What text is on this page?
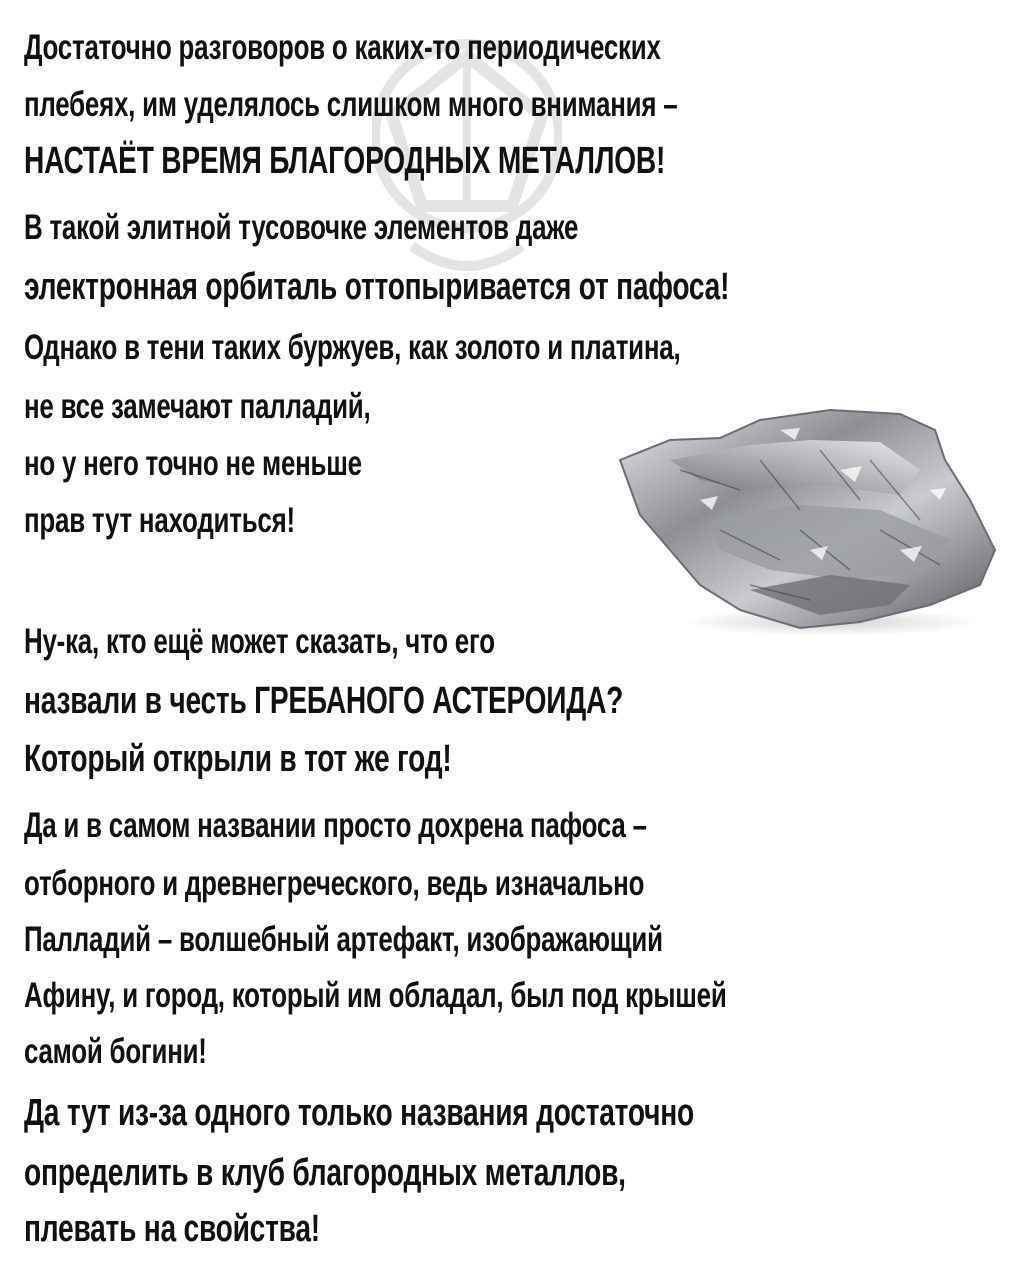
Достаточно разговоров о каких-то периодических

плебеях, им уделялось слишком много внимания –

НАСТАЁТ ВРЕМЯ БЛАГОРОДНЫХ МЕТАЛЛОВ!

В такой элитной тусовочке элементов даже

электронная орбиталь оттопыривается от пафоса!

Однако в тени таких буржуев, как золото и платина,

не все замечают палладий,

но у него точно не меньше

прав тут находиться!

Ну-ка, кто ещё может сказать, что его

назвали в честь ГРЕБАНОГО АСТЕРОИДА?

Который открыли в тот же год!

Да и в самом названии просто дохрена пафоса –

отборного и древнегреческого, ведь изначально

Палладий – волшебный артефакт, изображающий

Афину, и город, который им обладал, был под крышей

самой богини!

Да тут из-за одного только названия достаточно

определить в клуб благородных металлов,

плевать на свойства!
